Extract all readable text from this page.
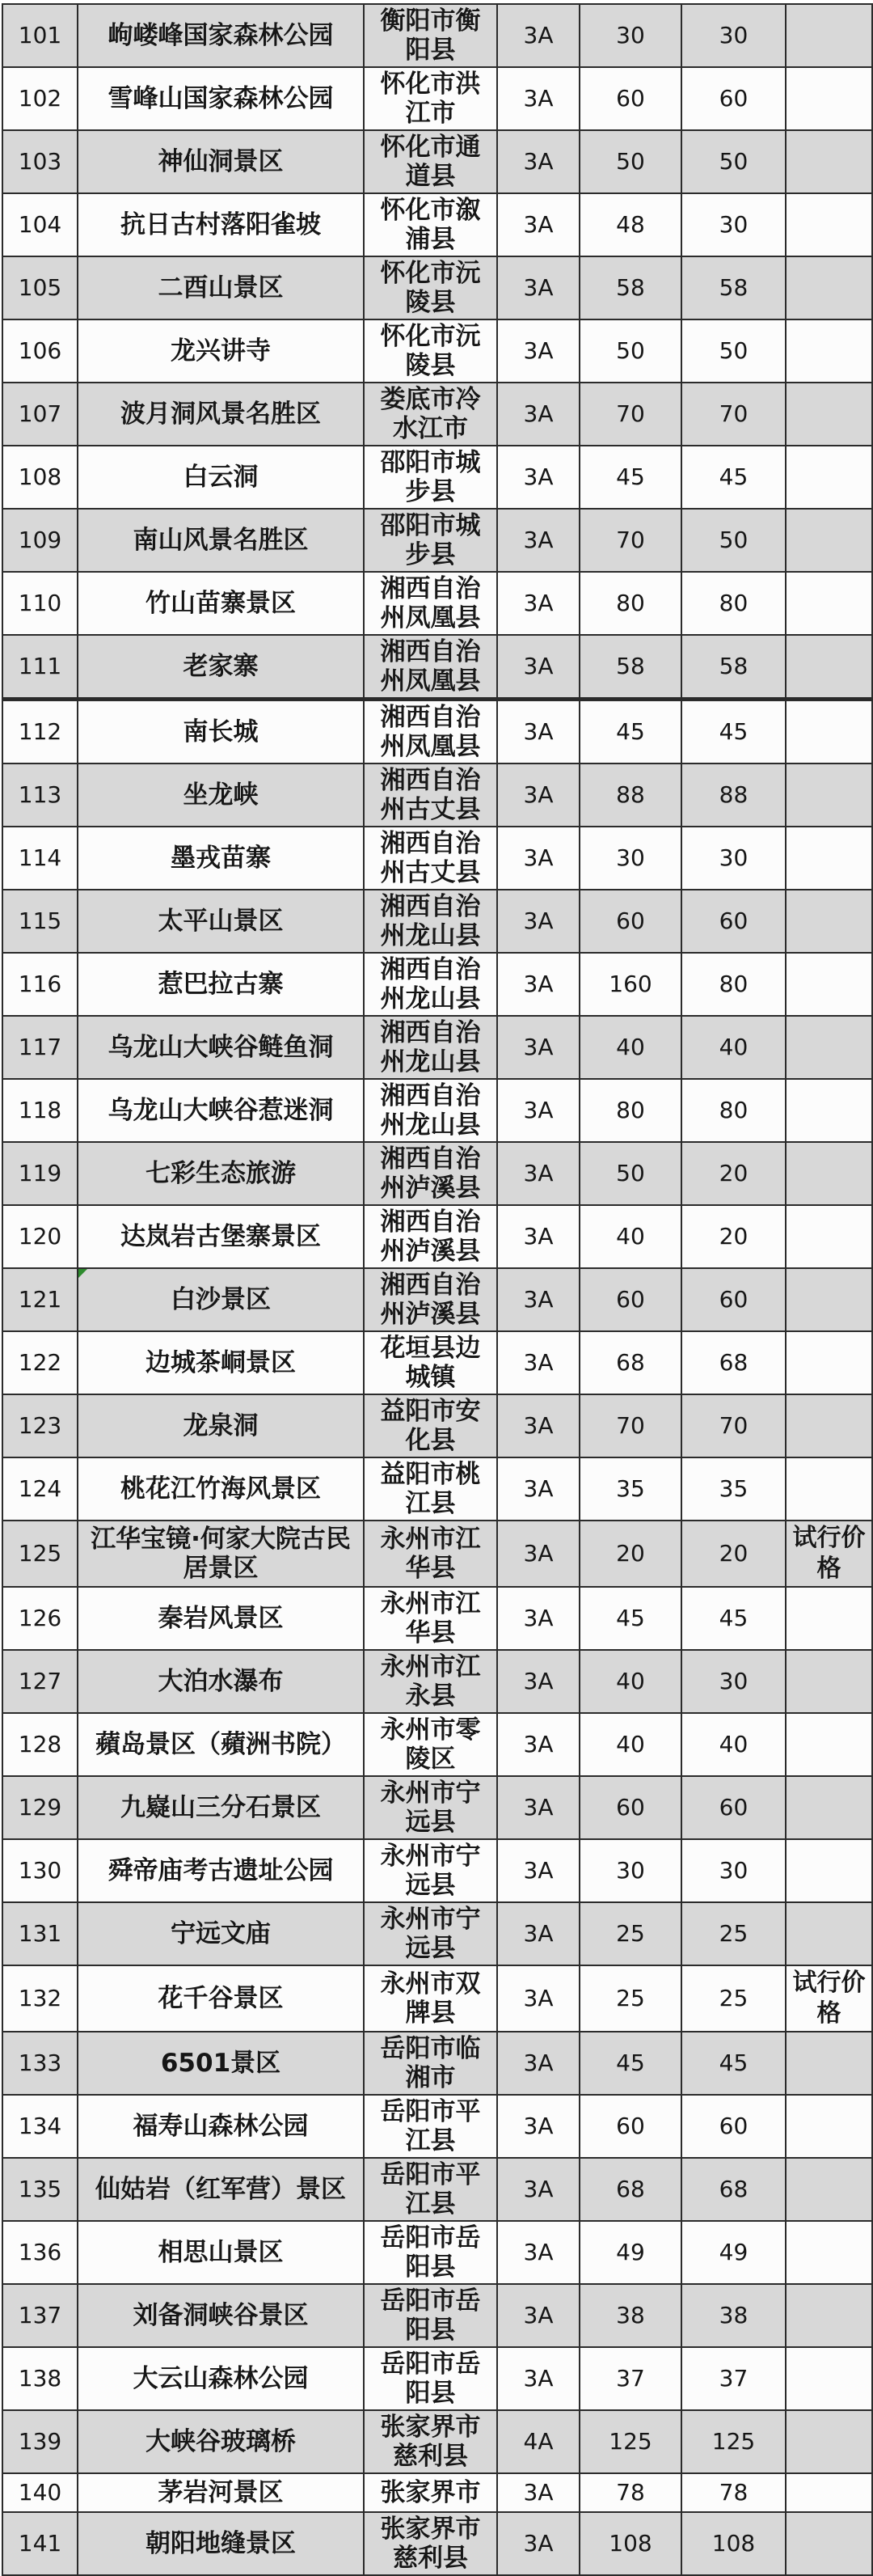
101	岣嵝峰国家森林公园	衡阳市衡阳县	3A	30	30	
102	雪峰山国家森林公园	怀化市洪江市	3A	60	60	
103	神仙洞景区	怀化市通道县	3A	50	50	
104	抗日古村落阳雀坡	怀化市溆浦县	3A	48	30	
105	二酉山景区	怀化市沅陵县	3A	58	58	
106	龙兴讲寺	怀化市沅陵县	3A	50	50	
107	波月洞风景名胜区	娄底市冷水江市	3A	70	70	
108	白云洞	邵阳市城步县	3A	45	45	
109	南山风景名胜区	邵阳市城步县	3A	70	50	
110	竹山苗寨景区	湘西自治州凤凰县	3A	80	80	
111	老家寨	湘西自治州凤凰县	3A	58	58	
112	南长城	湘西自治州凤凰县	3A	45	45	
113	坐龙峡	湘西自治州古丈县	3A	88	88	
114	墨戎苗寨	湘西自治州古丈县	3A	30	30	
115	太平山景区	湘西自治州龙山县	3A	60	60	
116	惹巴拉古寨	湘西自治州龙山县	3A	160	80	
117	乌龙山大峡谷鲢鱼洞	湘西自治州龙山县	3A	40	40	
118	乌龙山大峡谷惹迷洞	湘西自治州龙山县	3A	80	80	
119	七彩生态旅游	湘西自治州泸溪县	3A	50	20	
120	达岚岩古堡寨景区	湘西自治州泸溪县	3A	40	20	
121	白沙景区	湘西自治州泸溪县	3A	60	60	
122	边城茶峒景区	花垣县边城镇	3A	68	68	
123	龙泉洞	益阳市安化县	3A	70	70	
124	桃花江竹海风景区	益阳市桃江县	3A	35	35	
125	江华宝镜·何家大院古民居景区	永州市江华县	3A	20	20	试行价格
126	秦岩风景区	永州市江华县	3A	45	45	
127	大泊水瀑布	永州市江永县	3A	40	30	
128	蘋岛景区（蘋洲书院）	永州市零陵区	3A	40	40	
129	九嶷山三分石景区	永州市宁远县	3A	60	60	
130	舜帝庙考古遗址公园	永州市宁远县	3A	30	30	
131	宁远文庙	永州市宁远县	3A	25	25	
132	花千谷景区	永州市双牌县	3A	25	25	试行价格
133	6501景区	岳阳市临湘市	3A	45	45	
134	福寿山森林公园	岳阳市平江县	3A	60	60	
135	仙姑岩（红军营）景区	岳阳市平江县	3A	68	68	
136	相思山景区	岳阳市岳阳县	3A	49	49	
137	刘备洞峡谷景区	岳阳市岳阳县	3A	38	38	
138	大云山森林公园	岳阳市岳阳县	3A	37	37	
139	大峡谷玻璃桥	张家界市慈利县	4A	125	125	
140	茅岩河景区	张家界市	3A	78	78	
141	朝阳地缝景区	张家界市慈利县	3A	108	108	
